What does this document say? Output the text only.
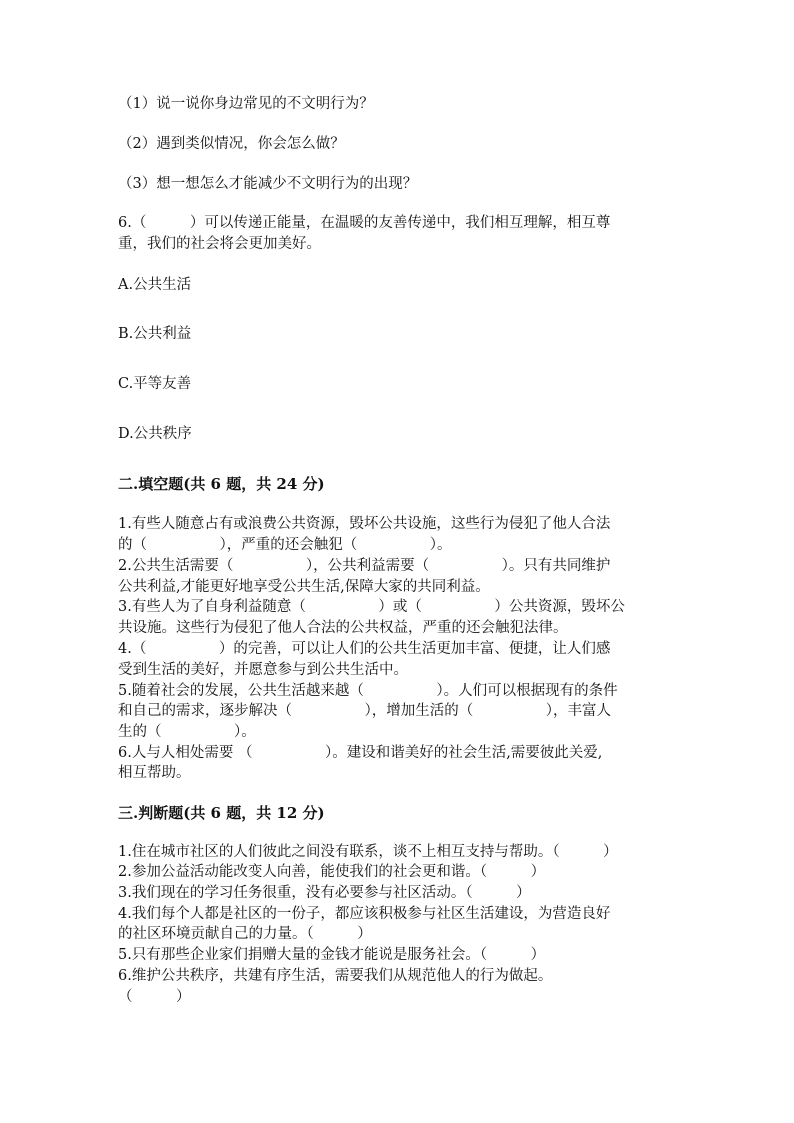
（1）说一说你身边常见的不文明行为？
（2）遇到类似情况，你会怎么做？
（3）想一想怎么才能减少不文明行为的出现？
6.（　　　）可以传递正能量，在温暖的友善传递中，我们相互理解，相互尊
重，我们的社会将会更加美好。
A.公共生活
B.公共利益
C.平等友善
D.公共秩序
二.填空题(共 6 题，共 24 分)
1.有些人随意占有或浪费公共资源，毁坏公共设施，这些行为侵犯了他人合法
的（　　　　　），严重的还会触犯（　　　　　）。
2.公共生活需要（　　　　　），公共利益需要（　　　　　）。只有共同维护
公共利益,才能更好地享受公共生活,保障大家的共同利益。
3.有些人为了自身利益随意（　　　　　）或（　　　　　）公共资源，毁坏公
共设施。这些行为侵犯了他人合法的公共权益，严重的还会触犯法律。
4.（　　　　　）的完善，可以让人们的公共生活更加丰富、便捷，让人们感
受到生活的美好，并愿意参与到公共生活中。
5.随着社会的发展，公共生活越来越（　　　　　）。人们可以根据现有的条件
和自己的需求，逐步解决（　　　　　），增加生活的（　　　　　），丰富人
生的（　　　　　）。
6.人与人相处需要 （　　　　　）。建设和谐美好的社会生活,需要彼此关爱,
相互帮助。
三.判断题(共 6 题，共 12 分)
1.住在城市社区的人们彼此之间没有联系，谈不上相互支持与帮助。（　　　）
2.参加公益活动能改变人向善，能使我们的社会更和谐。（　　　）
3.我们现在的学习任务很重，没有必要参与社区活动。（　　　）
4.我们每个人都是社区的一份子，都应该积极参与社区生活建设，为营造良好
的社区环境贡献自己的力量。（　　　）
5.只有那些企业家们捐赠大量的金钱才能说是服务社会。（　　　）
6.维护公共秩序，共建有序生活，需要我们从规范他人的行为做起。
（　　　）
